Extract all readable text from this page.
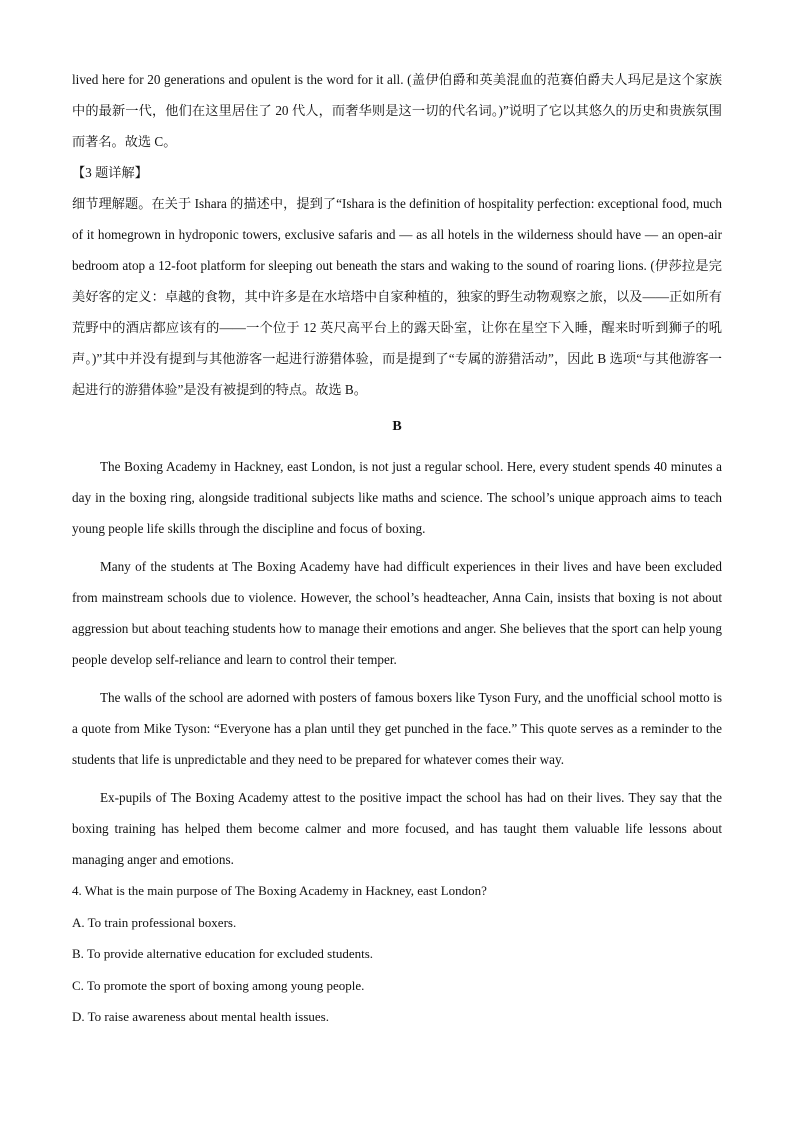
lived here for 20 generations and opulent is the word for it all. (盖伊伯爵和英美混血的范赛伯爵夫人玛尼是这个家族中的最新一代，他们在这里居住了 20 代人，而奢华则是这一切的代名词。)”说明了它以其悠久的历史和贵族氛围而著名。故选 C。

【3 题详解】

细节理解题。在关于 Ishara 的描述中，提到了“Ishara is the definition of hospitality perfection: exceptional food, much of it homegrown in hydroponic towers, exclusive safaris and — as all hotels in the wilderness should have — an open-air bedroom atop a 12-foot platform for sleeping out beneath the stars and waking to the sound of roaring lions. (伊莎拉是完美好客的定义：卓越的食物，其中许多是在水培塔中自家种植的，独家的野生动物观察之旅，以及——正如所有荒野中的酒店都应该有的——一个位于 12 英尺高平台上的露天卧室，让你在星空下入睡，醒来时听到狮子的吼声。)”其中并没有提到与其他游客一起进行游猎体验，而是提到了“专属的游猎活动”，因此 B 选项“与其他游客一起进行的游猎体验”是没有被提到的特点。故选 B。

B

The Boxing Academy in Hackney, east London, is not just a regular school. Here, every student spends 40 minutes a day in the boxing ring, alongside traditional subjects like maths and science. The school’s unique approach aims to teach young people life skills through the discipline and focus of boxing.

Many of the students at The Boxing Academy have had difficult experiences in their lives and have been excluded from mainstream schools due to violence. However, the school’s headteacher, Anna Cain, insists that boxing is not about aggression but about teaching students how to manage their emotions and anger. She believes that the sport can help young people develop self-reliance and learn to control their temper.

The walls of the school are adorned with posters of famous boxers like Tyson Fury, and the unofficial school motto is a quote from Mike Tyson: “Everyone has a plan until they get punched in the face.” This quote serves as a reminder to the students that life is unpredictable and they need to be prepared for whatever comes their way.

Ex-pupils of The Boxing Academy attest to the positive impact the school has had on their lives. They say that the boxing training has helped them become calmer and more focused, and has taught them valuable life lessons about managing anger and emotions.

4. What is the main purpose of The Boxing Academy in Hackney, east London?

A. To train professional boxers.

B. To provide alternative education for excluded students.

C. To promote the sport of boxing among young people.

D. To raise awareness about mental health issues.
